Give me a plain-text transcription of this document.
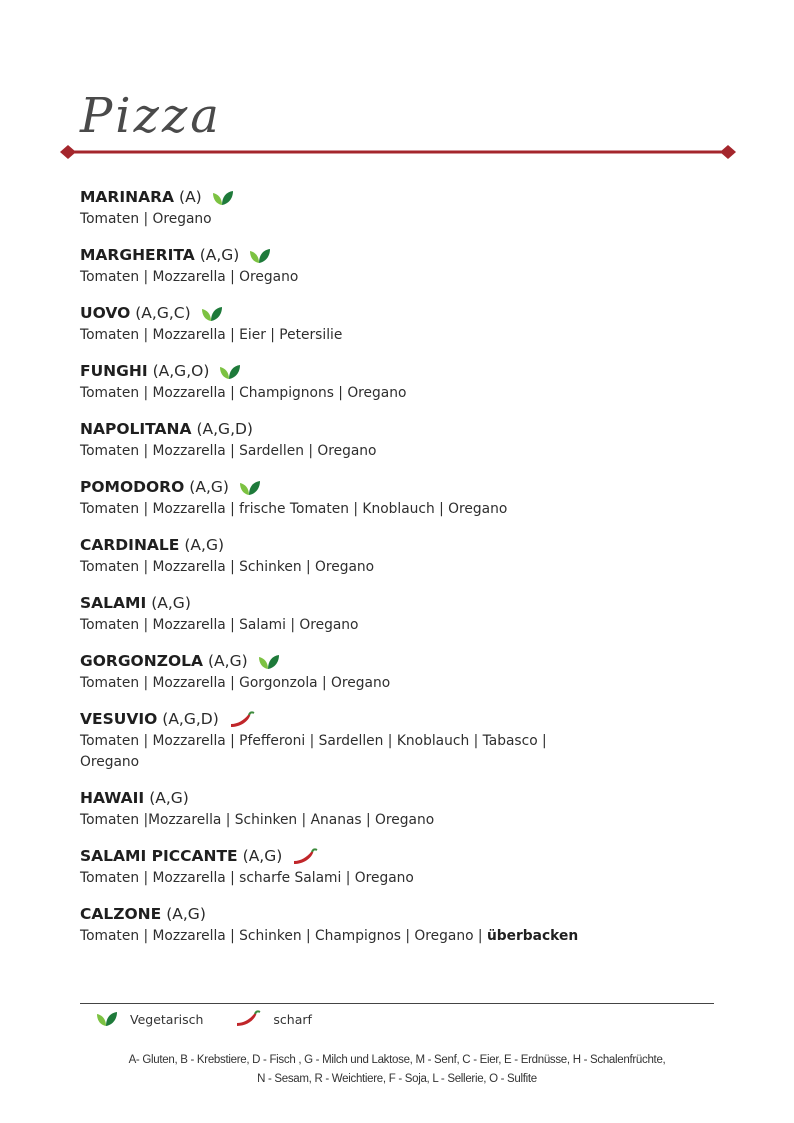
Pizza
MARINARA (A)
Tomaten | Oregano
MARGHERITA (A,G)
Tomaten | Mozzarella | Oregano
UOVO (A,G,C)
Tomaten | Mozzarella | Eier | Petersilie
FUNGHI (A,G,O)
Tomaten | Mozzarella | Champignons | Oregano
NAPOLITANA (A,G,D)
Tomaten | Mozzarella | Sardellen | Oregano
POMODORO (A,G)
Tomaten | Mozzarella | frische Tomaten | Knoblauch | Oregano
CARDINALE (A,G)
Tomaten | Mozzarella | Schinken | Oregano
SALAMI (A,G)
Tomaten | Mozzarella | Salami | Oregano
GORGONZOLA (A,G)
Tomaten | Mozzarella | Gorgonzola | Oregano
VESUVIO (A,G,D)
Tomaten | Mozzarella | Pfefferoni | Sardellen | Knoblauch | Tabasco |
Oregano
HAWAII (A,G)
Tomaten |Mozzarella | Schinken | Ananas | Oregano
SALAMI PICCANTE (A,G)
Tomaten | Mozzarella | scharfe Salami | Oregano
CALZONE (A,G)
Tomaten | Mozzarella | Schinken | Champignos | Oregano | überbacken
Vegetarisch	scharf
A- Gluten, B - Krebstiere, D - Fisch , G - Milch und Laktose, M - Senf, C - Eier, E - Erdnüsse, H - Schalenfrüchte,
N - Sesam, R - Weichtiere, F - Soja, L - Sellerie, O - Sulfite
